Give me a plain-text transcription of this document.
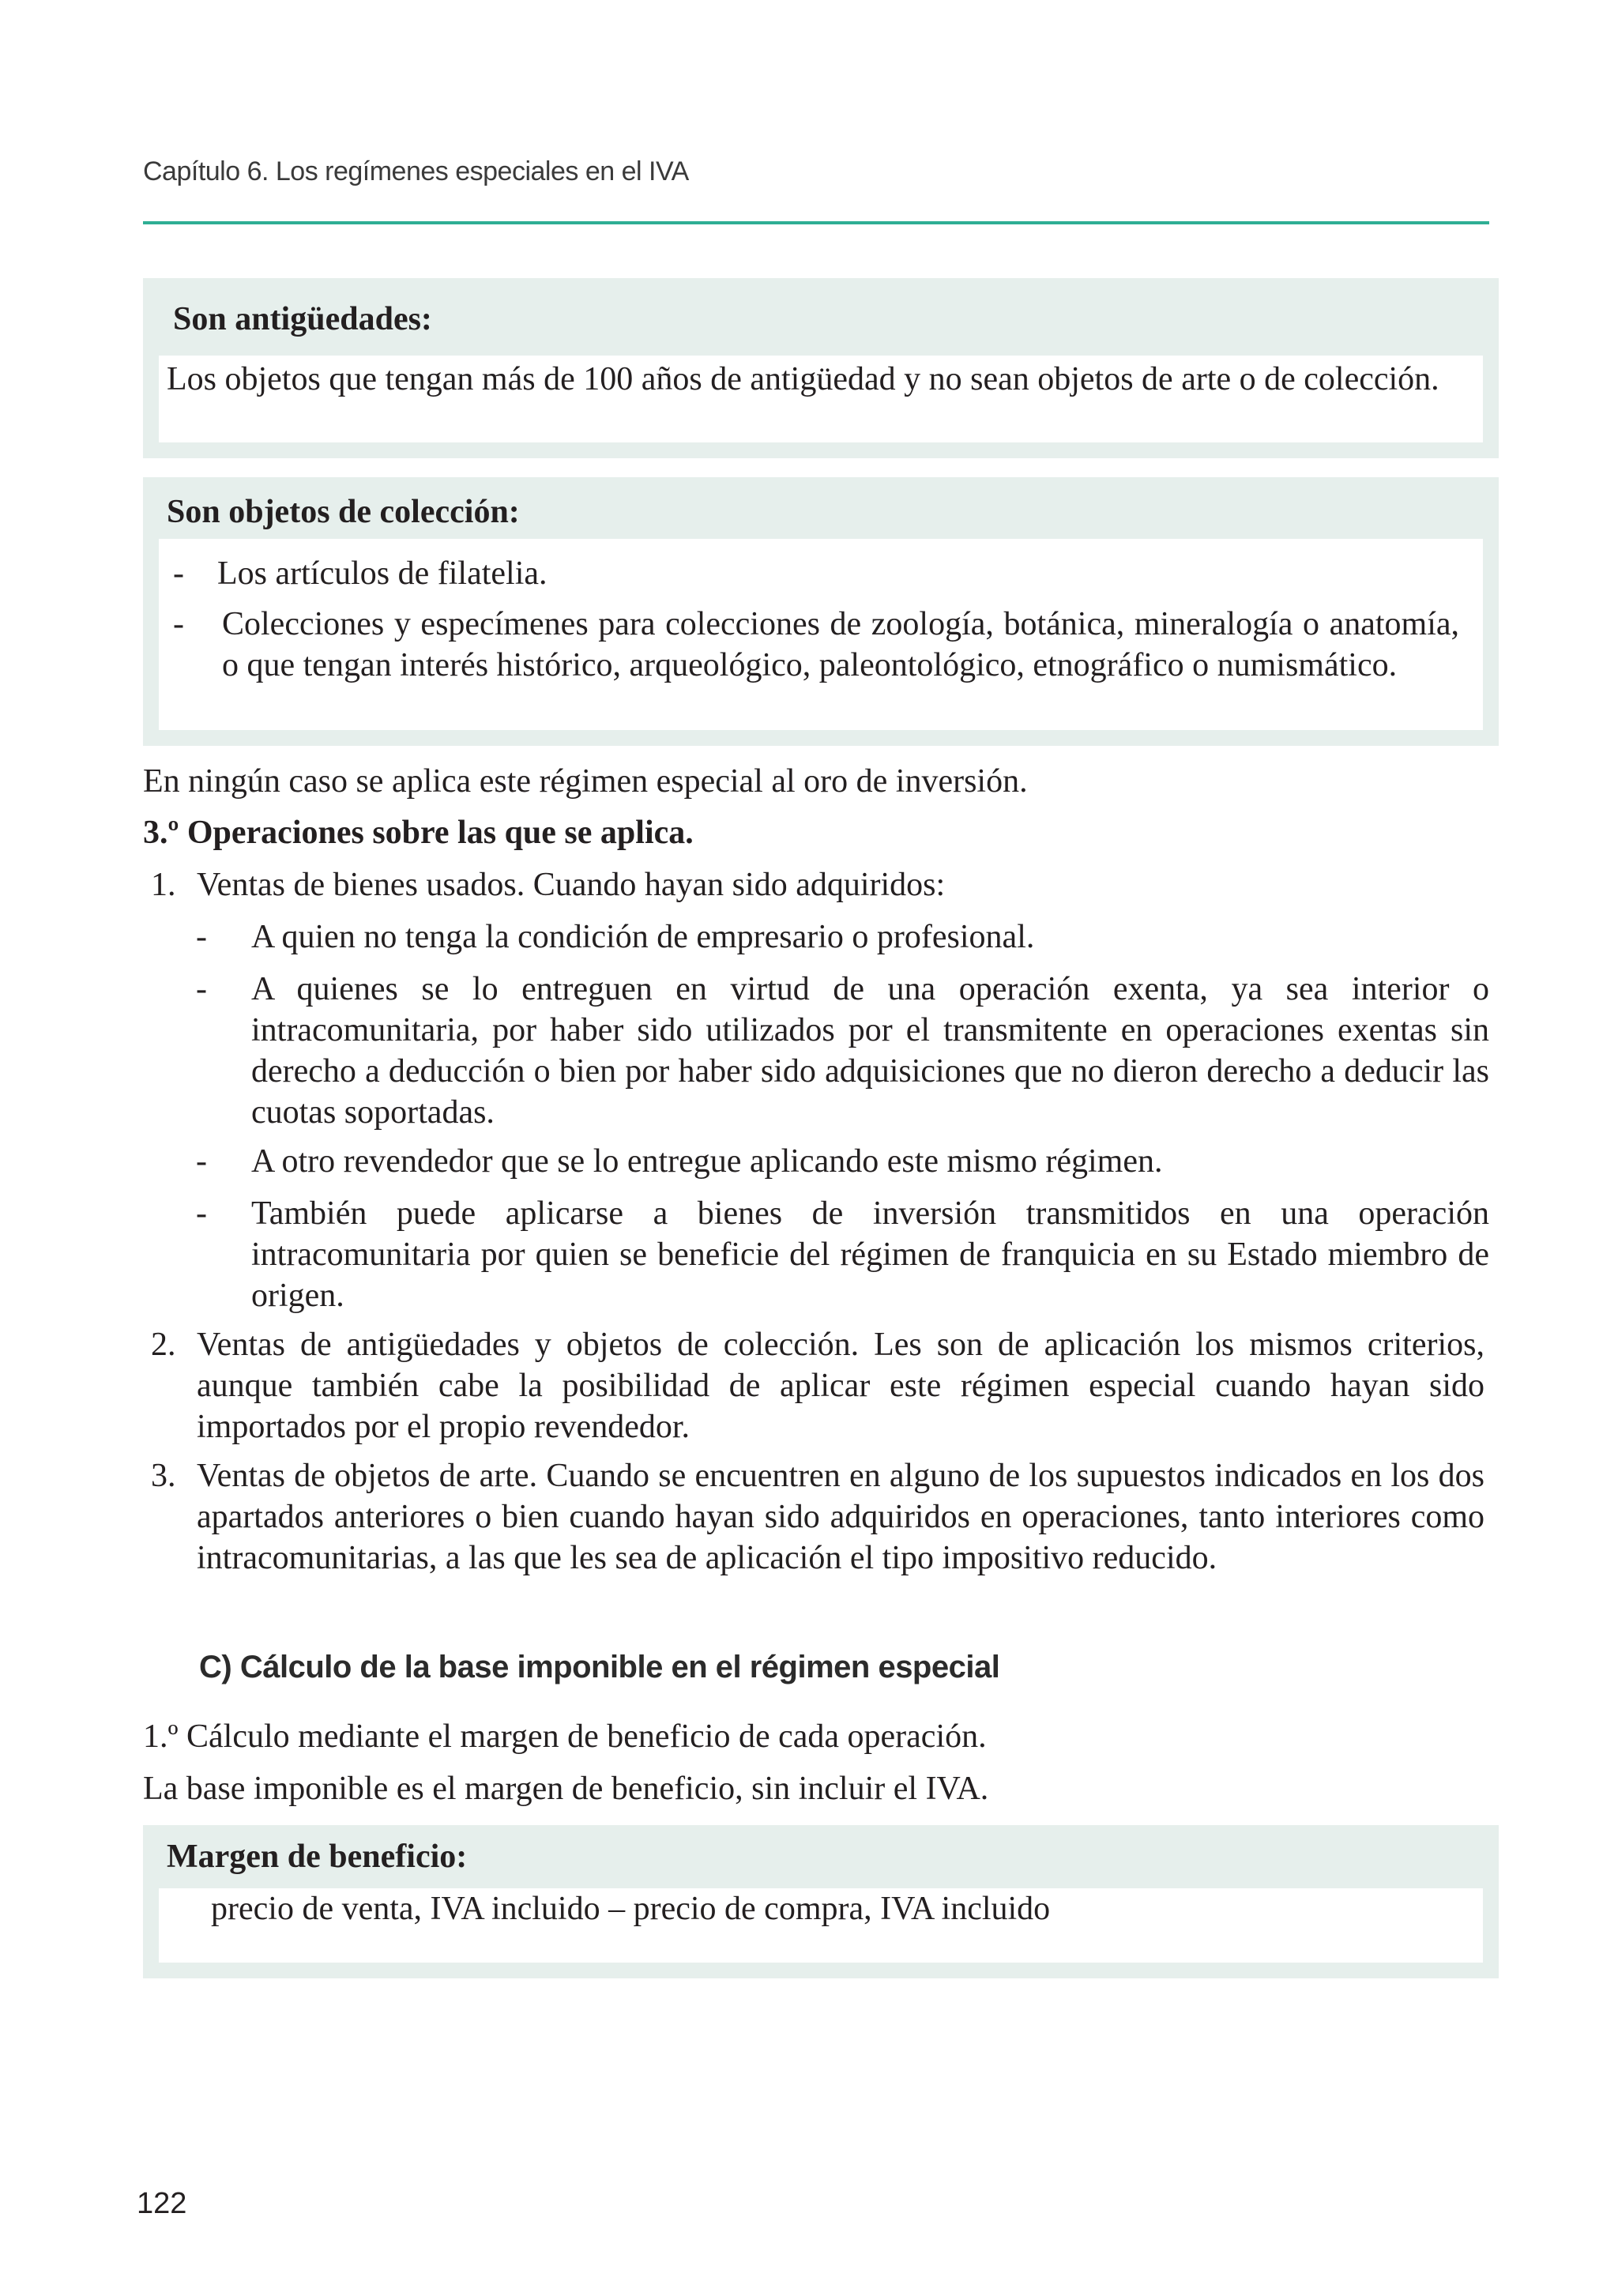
Capítulo 6. Los regímenes especiales en el IVA
Son antigüedades:
Los objetos que tengan más de 100 años de antigüedad y no sean objetos de arte o de colección.
Son objetos de colección:
- Los artículos de filatelia.
- Colecciones y especímenes para colecciones de zoología, botánica, mineralogía o anatomía, o que tengan interés histórico, arqueológico, paleontológico, etnográfico o numismático.
En ningún caso se aplica este régimen especial al oro de inversión.
3.º Operaciones sobre las que se aplica.
1. Ventas de bienes usados. Cuando hayan sido adquiridos:
- A quien no tenga la condición de empresario o profesional.
- A quienes se lo entreguen en virtud de una operación exenta, ya sea interior o intracomunitaria, por haber sido utilizados por el transmitente en operaciones exentas sin derecho a deducción o bien por haber sido adquisiciones que no dieron derecho a deducir las cuotas soportadas.
- A otro revendedor que se lo entregue aplicando este mismo régimen.
- También puede aplicarse a bienes de inversión transmitidos en una operación intracomunitaria por quien se beneficie del régimen de franquicia en su Estado miembro de origen.
2. Ventas de antigüedades y objetos de colección. Les son de aplicación los mismos criterios, aunque también cabe la posibilidad de aplicar este régimen especial cuando hayan sido importados por el propio revendedor.
3. Ventas de objetos de arte. Cuando se encuentren en alguno de los supuestos indicados en los dos apartados anteriores o bien cuando hayan sido adquiridos en operaciones, tanto interiores como intracomunitarias, a las que les sea de aplicación el tipo impositivo reducido.
C) Cálculo de la base imponible en el régimen especial
1.º Cálculo mediante el margen de beneficio de cada operación.
La base imponible es el margen de beneficio, sin incluir el IVA.
Margen de beneficio:
precio de venta, IVA incluido – precio de compra, IVA incluido
122
